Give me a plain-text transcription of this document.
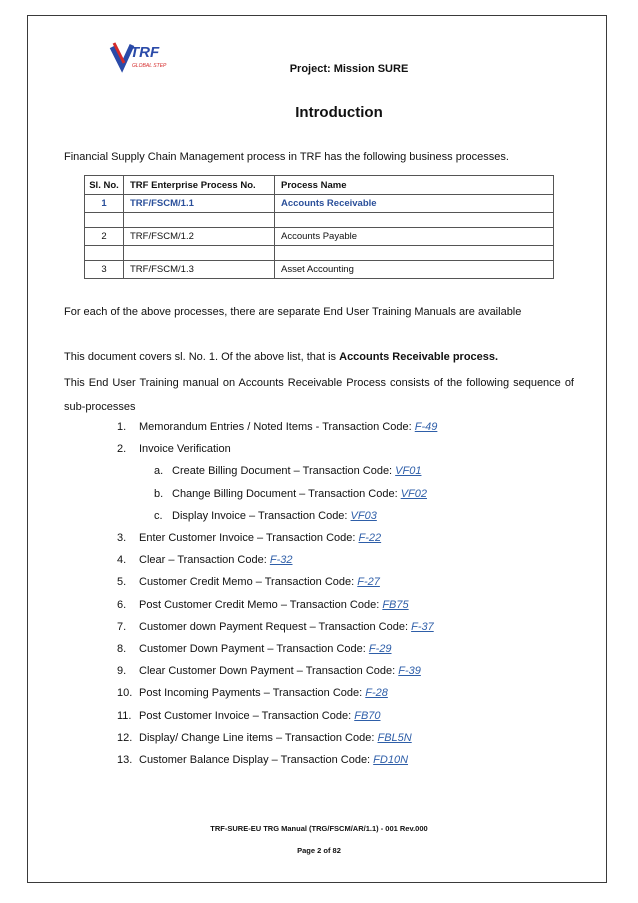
TRF
GLOBAL STEP	Project: Mission SURE
Introduction
Financial Supply Chain Management process in TRF has the following business processes.
Sl. No.	TRF Enterprise Process No.	Process Name
1	TRF/FSCM/1.1	Accounts Receivable

2	TRF/FSCM/1.2	Accounts Payable

3	TRF/FSCM/1.3	Asset Accounting
For each of the above processes, there are separate End User Training Manuals are available
This document covers sl. No. 1. Of the above list, that is Accounts Receivable process.
This End User Training manual on Accounts Receivable Process consists of the following sequence of
sub-processes
1. Memorandum Entries / Noted Items - Transaction Code: F-49
2. Invoice Verification
a. Create Billing Document – Transaction Code: VF01
b. Change Billing Document – Transaction Code: VF02
c. Display Invoice – Transaction Code: VF03
3. Enter Customer Invoice – Transaction Code: F-22
4. Clear – Transaction Code: F-32
5. Customer Credit Memo – Transaction Code: F-27
6. Post Customer Credit Memo – Transaction Code: FB75
7. Customer down Payment Request – Transaction Code: F-37
8. Customer Down Payment – Transaction Code: F-29
9. Clear Customer Down Payment – Transaction Code: F-39
10. Post Incoming Payments – Transaction Code: F-28
11. Post Customer Invoice – Transaction Code: FB70
12. Display/ Change Line items – Transaction Code: FBL5N
13. Customer Balance Display – Transaction Code: FD10N
TRF-SURE-EU TRG Manual (TRG/FSCM/AR/1.1) - 001 Rev.000
Page 2 of 82
